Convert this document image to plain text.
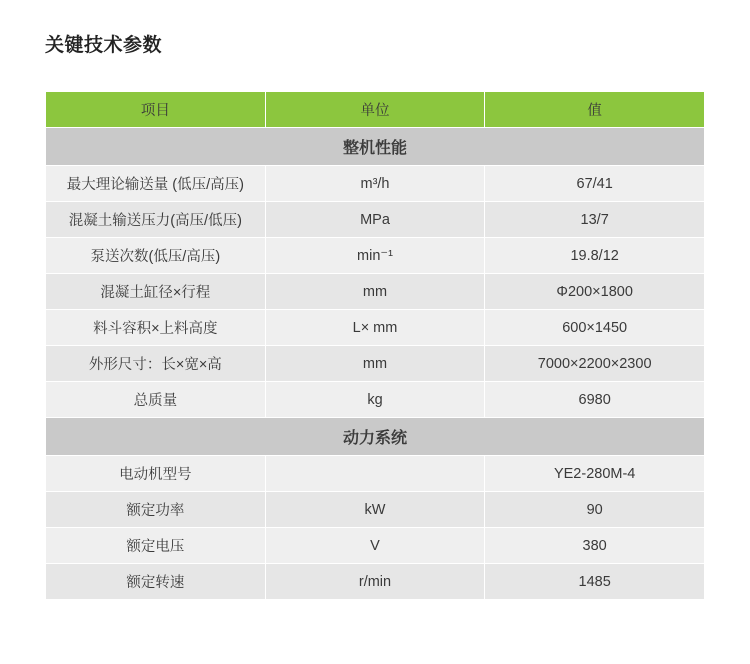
关键技术参数
项目	单位	值
整机性能		
最大理论输送量 (低压/高压)	m³/h	67/41
混凝土输送压力(高压/低压)	MPa	13/7
泵送次数(低压/高压)	min⁻¹	19.8/12
混凝土缸径×行程	mm	Φ200×1800
料斗容积×上料高度	L× mm	600×1450
外形尺寸：长×宽×高	mm	7000×2200×2300
总质量	kg	6980
动力系统		
电动机型号		YE2-280M-4
额定功率	kW	90
额定电压	V	380
额定转速	r/min	1485
